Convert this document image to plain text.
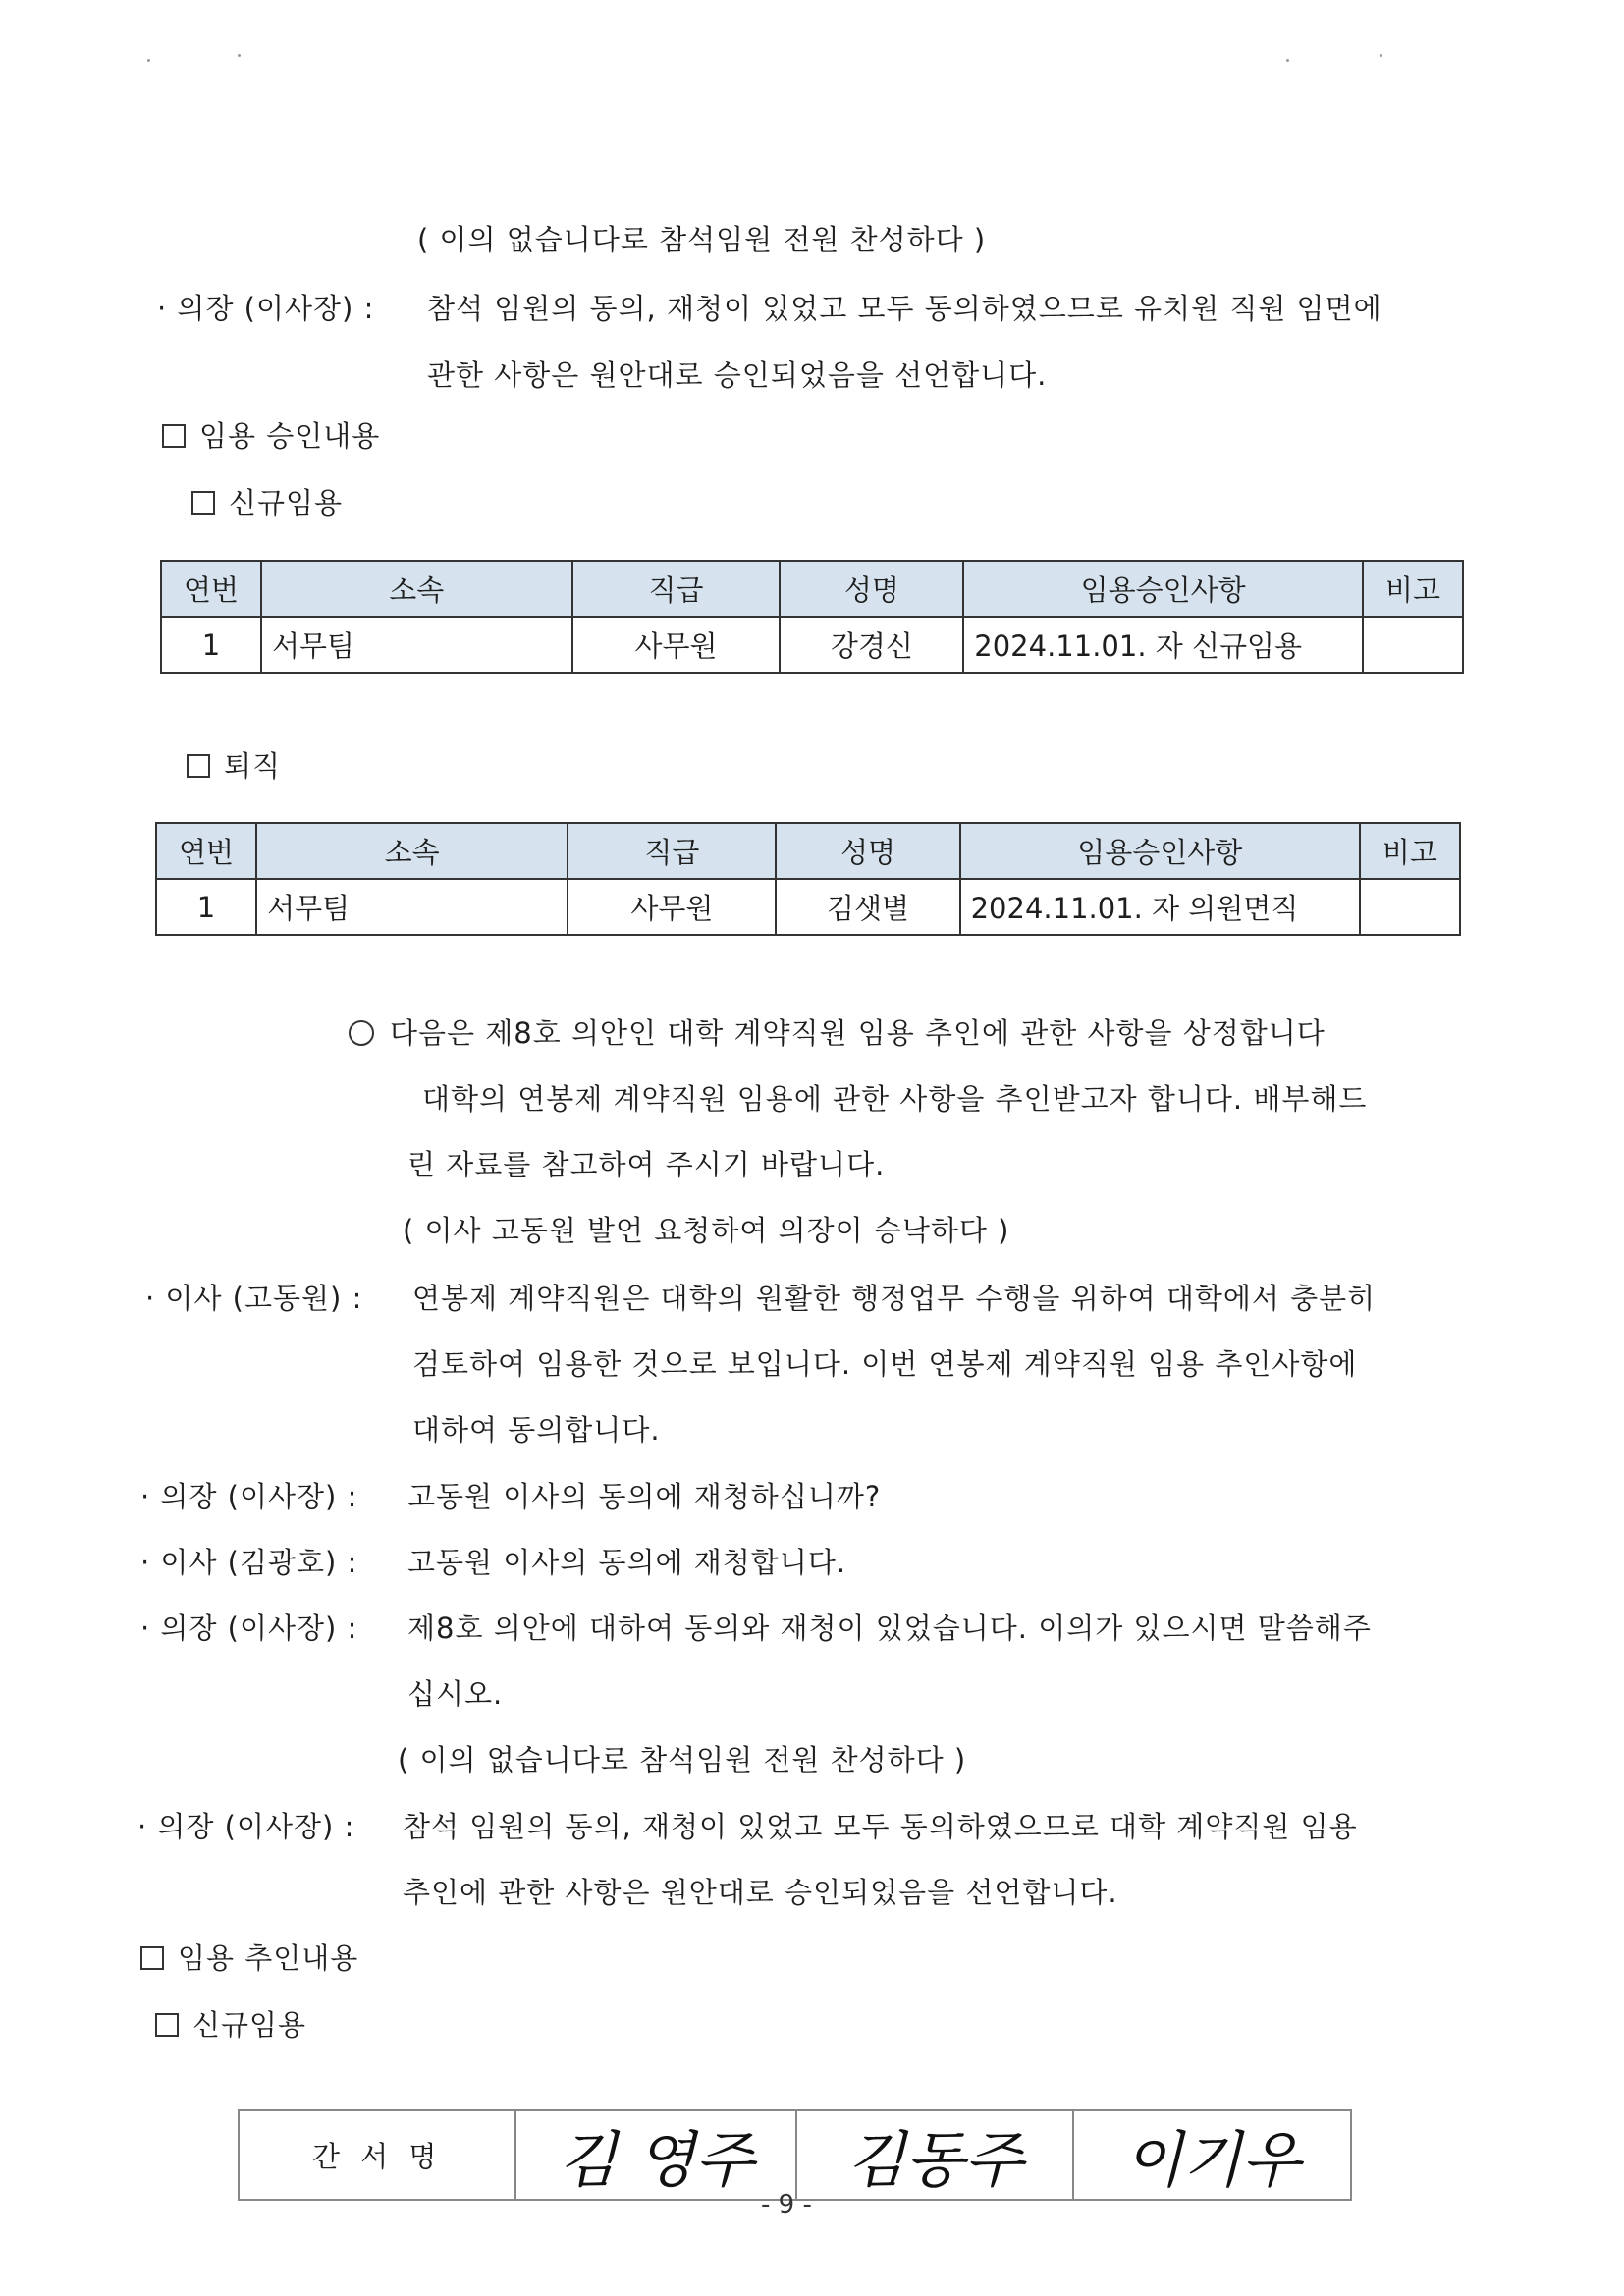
( 이의 없습니다로 참석임원 전원 찬성하다 )
· 의장 (이사장) : 참석 임원의 동의, 재청이 있었고 모두 동의하였으므로 유치원 직원 임면에
관한 사항은 원안대로 승인되었음을 선언합니다.
임용 승인내용
신규임용
연번	소속	직급	성명	임용승인사항	비고
1	서무팀	사무원	강경신	2024.11.01. 자 신규임용	
퇴직
연번	소속	직급	성명	임용승인사항	비고
1	서무팀	사무원	김샛별	2024.11.01. 자 의원면직	
다음은 제8호 의안인 대학 계약직원 임용 추인에 관한 사항을 상정합니다
대학의 연봉제 계약직원 임용에 관한 사항을 추인받고자 합니다. 배부해드
린 자료를 참고하여 주시기 바랍니다.
( 이사 고동원 발언 요청하여 의장이 승낙하다 )
· 이사 (고동원) : 연봉제 계약직원은 대학의 원활한 행정업무 수행을 위하여 대학에서 충분히
검토하여 임용한 것으로 보입니다. 이번 연봉제 계약직원 임용 추인사항에
대하여 동의합니다.
· 의장 (이사장) : 고동원 이사의 동의에 재청하십니까?
· 이사 (김광호) : 고동원 이사의 동의에 재청합니다.
· 의장 (이사장) : 제8호 의안에 대하여 동의와 재청이 있었습니다. 이의가 있으시면 말씀해주
십시오.
( 이의 없습니다로 참석임원 전원 찬성하다 )
· 의장 (이사장) : 참석 임원의 동의, 재청이 있었고 모두 동의하였으므로 대학 계약직원 임용
추인에 관한 사항은 원안대로 승인되었음을 선언합니다.
임용 추인내용
신규임용
간 서 명	김 영주	김동주	이기우
- 9 -
